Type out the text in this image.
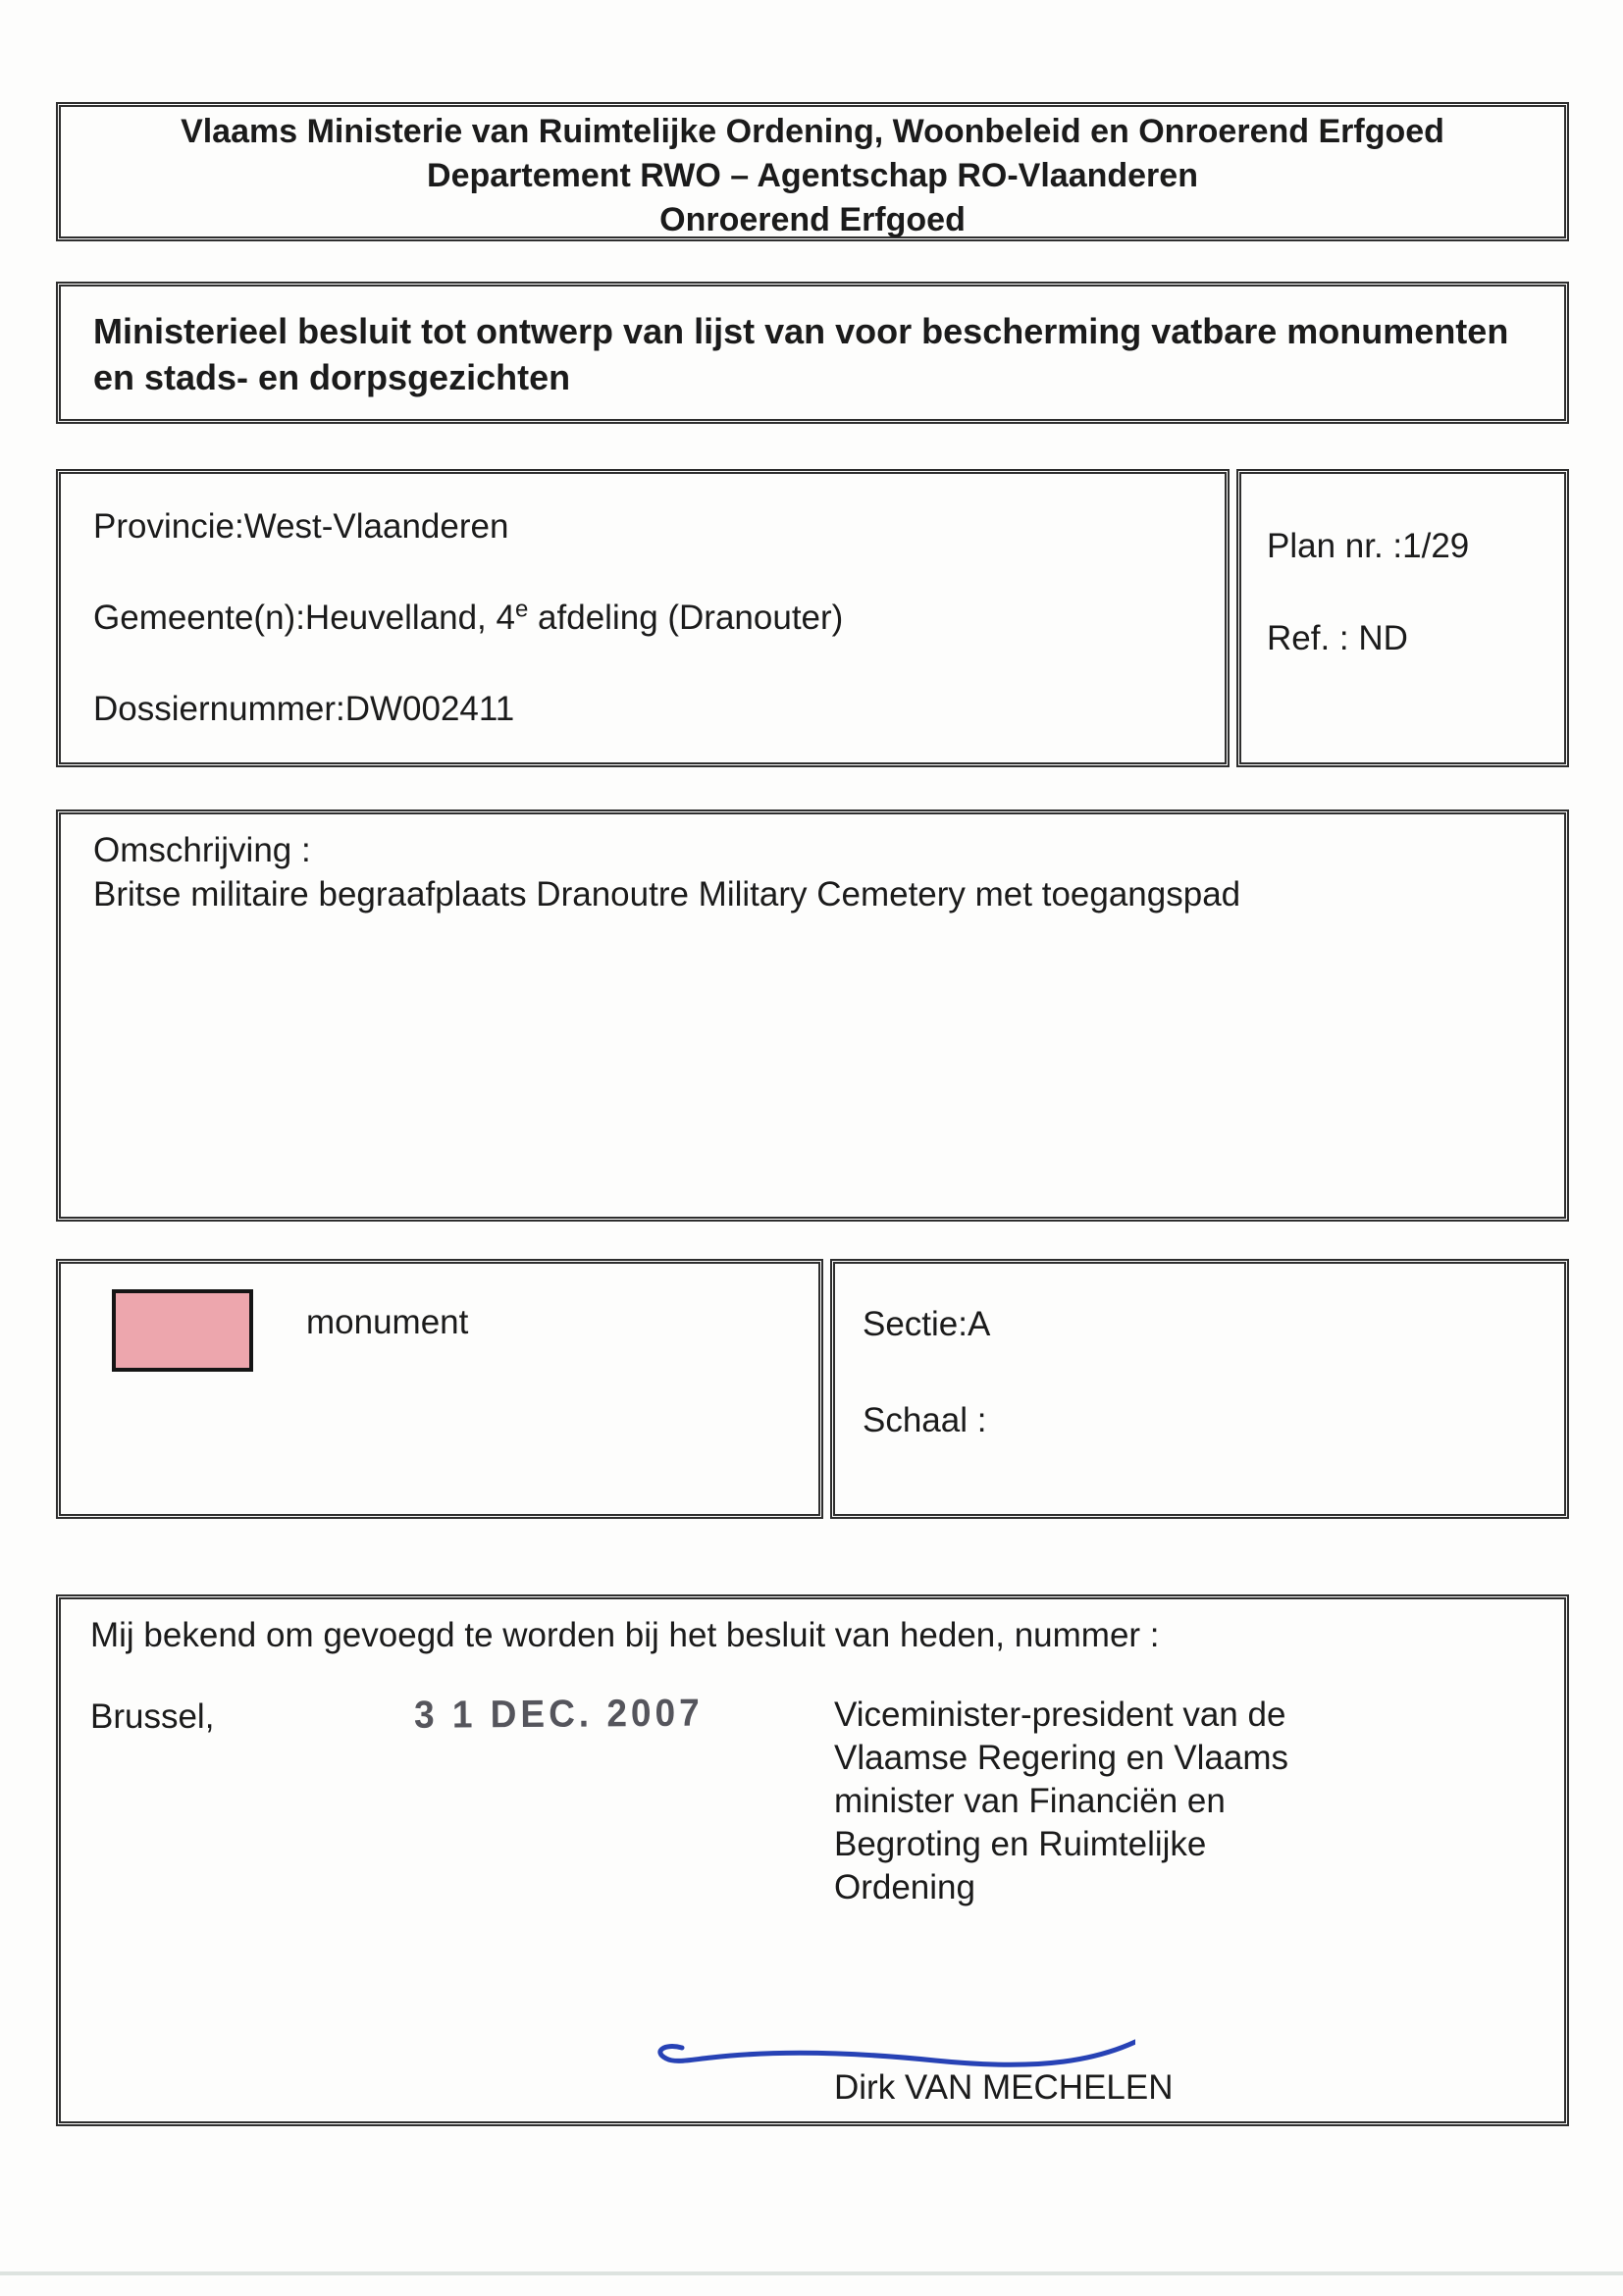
Vlaams Ministerie van Ruimtelijke Ordening, Woonbeleid en Onroerend Erfgoed
Departement RWO – Agentschap RO-Vlaanderen
Onroerend Erfgoed
Ministerieel besluit tot ontwerp van lijst van voor bescherming vatbare monumenten en stads- en dorpsgezichten

Provincie:West-Vlaanderen

Gemeente(n):Heuvelland, 4e afdeling (Dranouter)

Dossiernummer:DW002411

Plan nr. :1/29

Ref. : ND

Omschrijving :

Britse militaire begraafplaats Dranoutre Military Cemetery met toegangspad

monument	Sectie:A

Schaal :

Mij bekend om gevoegd te worden bij het besluit van heden, nummer :

Brussel,	3 1 DEC. 2007	Viceminister-president van de Vlaamse Regering en Vlaams minister van Financiën en Begroting en Ruimtelijke Ordening

Dirk VAN MECHELEN
